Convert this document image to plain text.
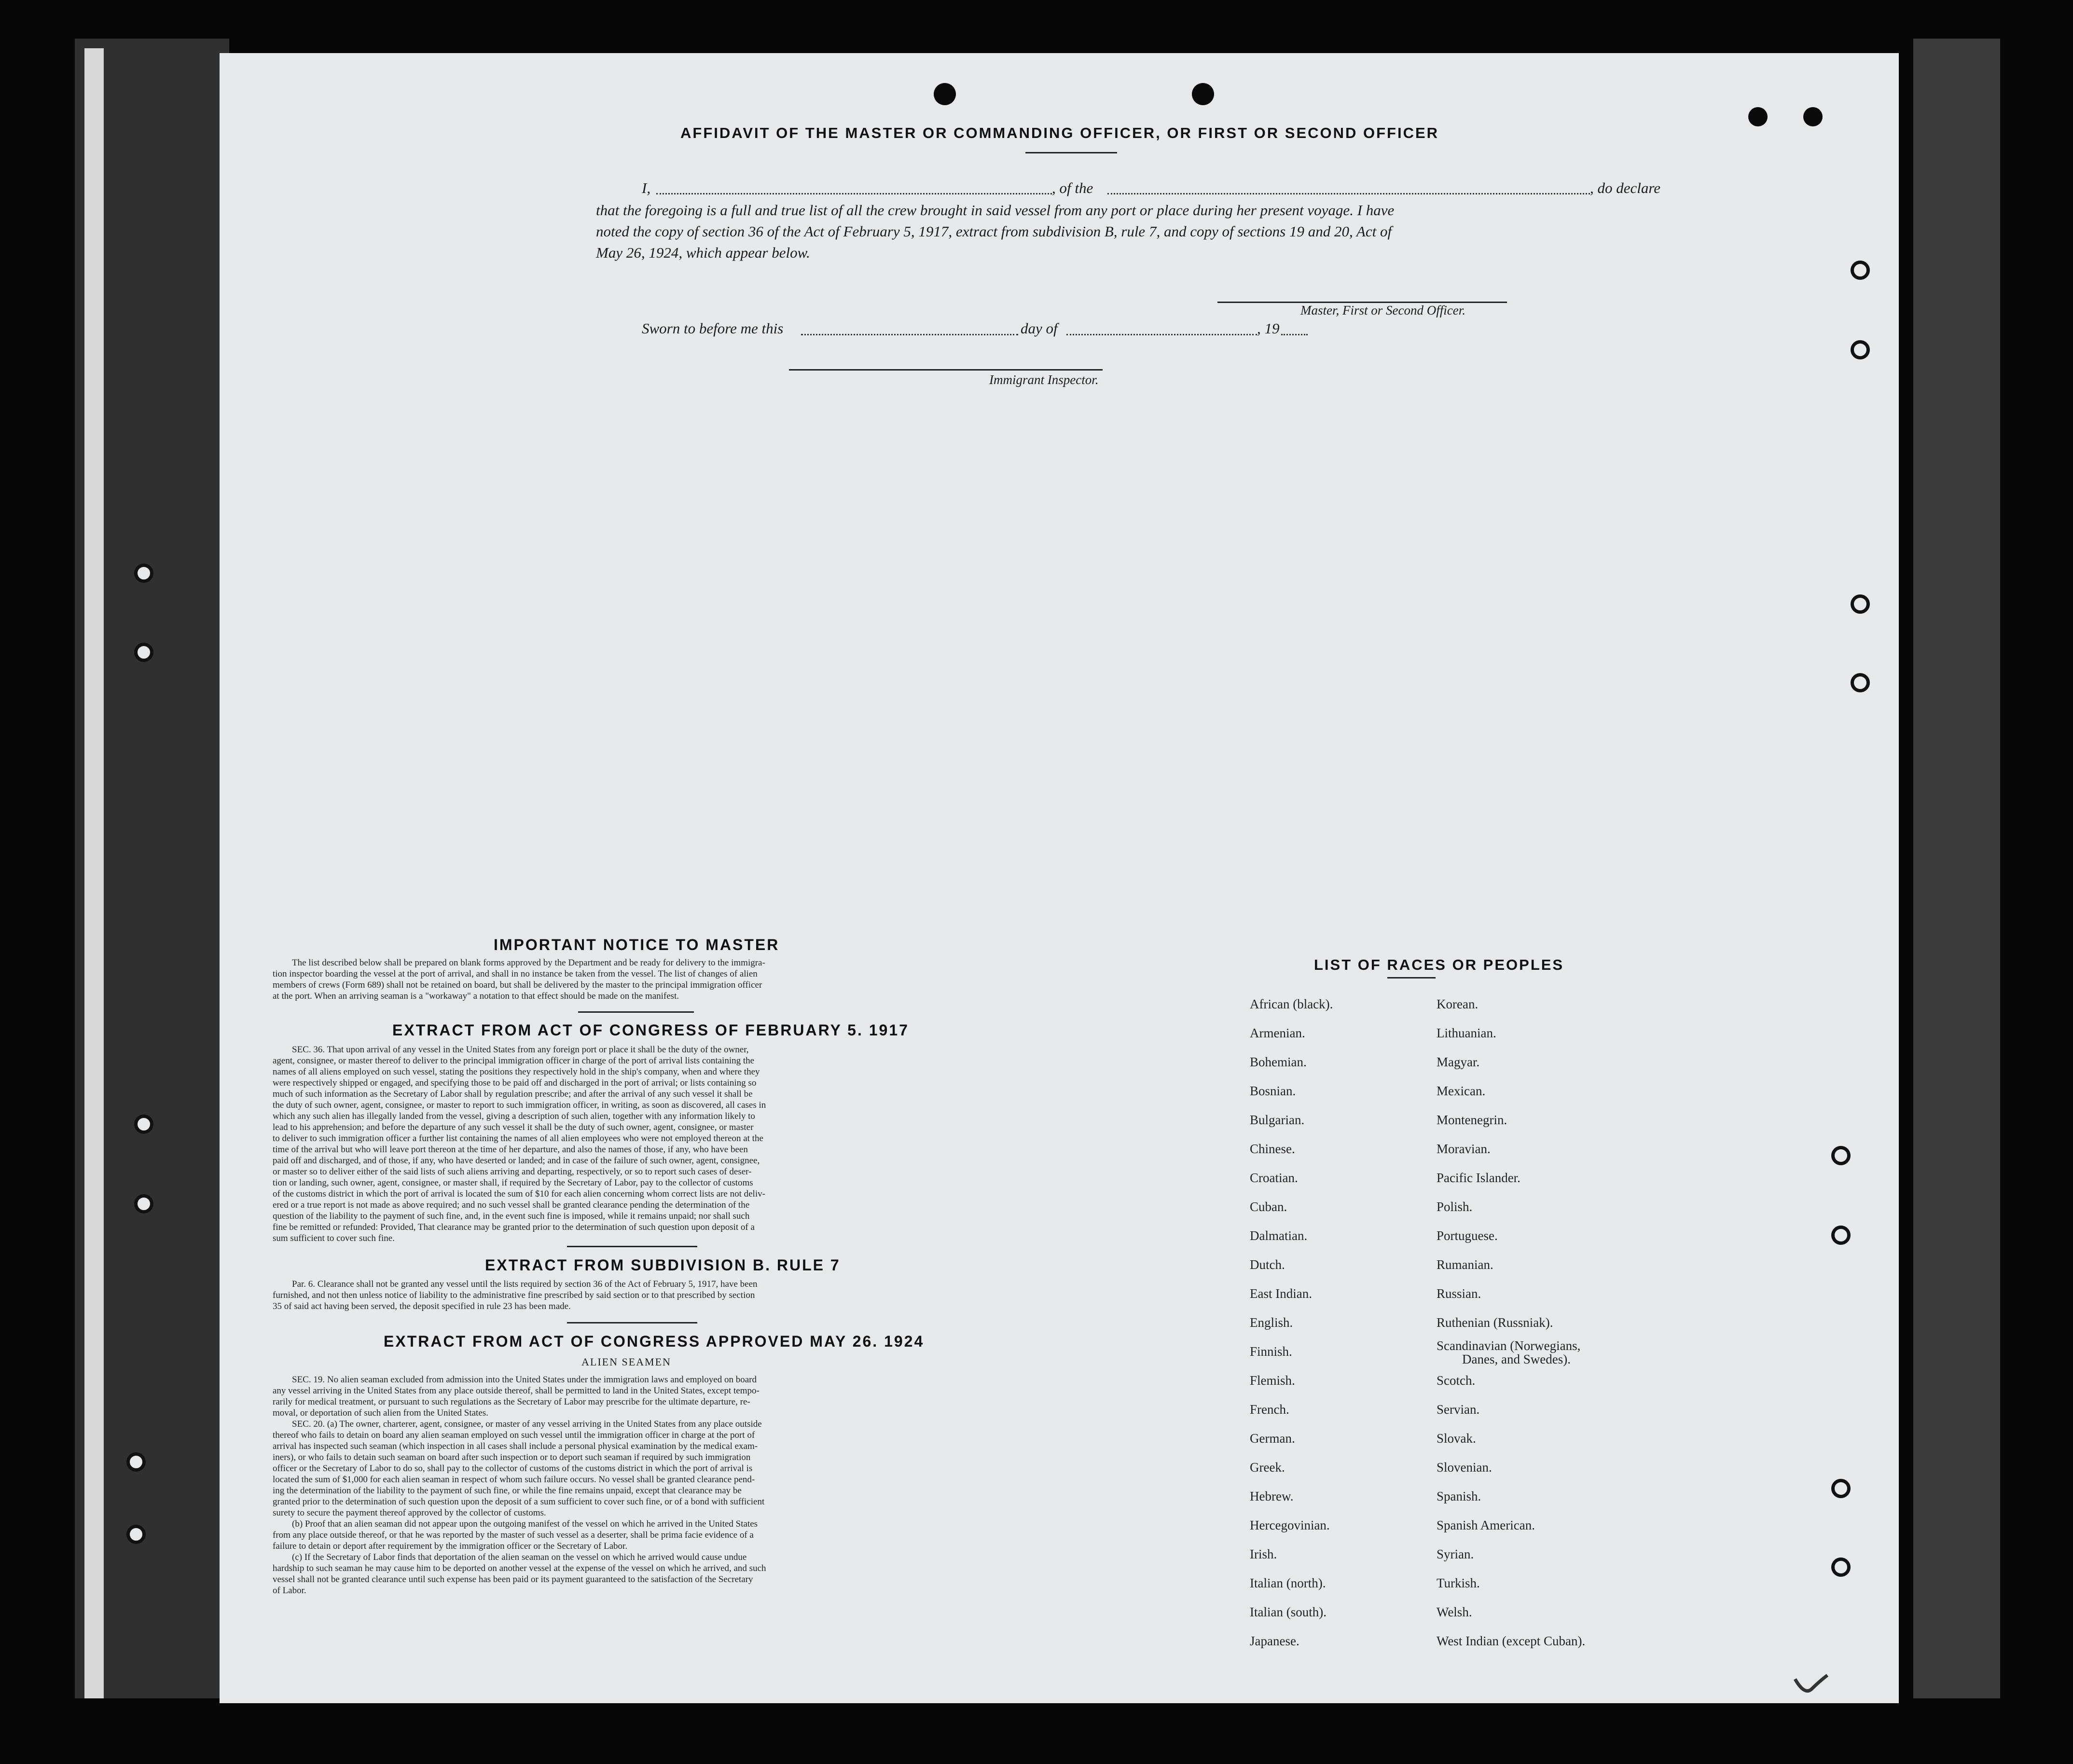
AFFIDAVIT OF THE MASTER OR COMMANDING OFFICER, OR FIRST OR SECOND OFFICER
I,	, of the	, do declare
that the foregoing is a full and true list of all the crew brought in said vessel from any port or place during her present voyage. I have
noted the copy of section 36 of the Act of February 5, 1917, extract from subdivision B, rule 7, and copy of sections 19 and 20, Act of
May 26, 1924, which appear below.
Master, First or Second Officer.
Sworn to before me this	day of	, 19
Immigrant Inspector.
IMPORTANT NOTICE TO MASTER
The list described below shall be prepared on blank forms approved by the Department and be ready for delivery to the immigra-
tion inspector boarding the vessel at the port of arrival, and shall in no instance be taken from the vessel. The list of changes of alien
members of crews (Form 689) shall not be retained on board, but shall be delivered by the master to the principal immigration officer
at the port. When an arriving seaman is a "workaway" a notation to that effect should be made on the manifest.
EXTRACT FROM ACT OF CONGRESS OF FEBRUARY 5. 1917
SEC. 36. That upon arrival of any vessel in the United States from any foreign port or place it shall be the duty of the owner,
agent, consignee, or master thereof to deliver to the principal immigration officer in charge of the port of arrival lists containing the
names of all aliens employed on such vessel, stating the positions they respectively hold in the ship's company, when and where they
were respectively shipped or engaged, and specifying those to be paid off and discharged in the port of arrival; or lists containing so
much of such information as the Secretary of Labor shall by regulation prescribe; and after the arrival of any such vessel it shall be
the duty of such owner, agent, consignee, or master to report to such immigration officer, in writing, as soon as discovered, all cases in
which any such alien has illegally landed from the vessel, giving a description of such alien, together with any information likely to
lead to his apprehension; and before the departure of any such vessel it shall be the duty of such owner, agent, consignee, or master
to deliver to such immigration officer a further list containing the names of all alien employees who were not employed thereon at the
time of the arrival but who will leave port thereon at the time of her departure, and also the names of those, if any, who have been
paid off and discharged, and of those, if any, who have deserted or landed; and in case of the failure of such owner, agent, consignee,
or master so to deliver either of the said lists of such aliens arriving and departing, respectively, or so to report such cases of deser-
tion or landing, such owner, agent, consignee, or master shall, if required by the Secretary of Labor, pay to the collector of customs
of the customs district in which the port of arrival is located the sum of $10 for each alien concerning whom correct lists are not deliv-
ered or a true report is not made as above required; and no such vessel shall be granted clearance pending the determination of the
question of the liability to the payment of such fine, and, in the event such fine is imposed, while it remains unpaid; nor shall such
fine be remitted or refunded: Provided, That clearance may be granted prior to the determination of such question upon deposit of a
sum sufficient to cover such fine.
EXTRACT FROM SUBDIVISION B. RULE 7
Par. 6. Clearance shall not be granted any vessel until the lists required by section 36 of the Act of February 5, 1917, have been
furnished, and not then unless notice of liability to the administrative fine prescribed by said section or to that prescribed by section
35 of said act having been served, the deposit specified in rule 23 has been made.
EXTRACT FROM ACT OF CONGRESS APPROVED MAY 26. 1924
ALIEN SEAMEN
SEC. 19. No alien seaman excluded from admission into the United States under the immigration laws and employed on board
any vessel arriving in the United States from any place outside thereof, shall be permitted to land in the United States, except tempo-
rarily for medical treatment, or pursuant to such regulations as the Secretary of Labor may prescribe for the ultimate departure, re-
moval, or deportation of such alien from the United States.
SEC. 20. (a) The owner, charterer, agent, consignee, or master of any vessel arriving in the United States from any place outside
thereof who fails to detain on board any alien seaman employed on such vessel until the immigration officer in charge at the port of
arrival has inspected such seaman (which inspection in all cases shall include a personal physical examination by the medical exam-
iners), or who fails to detain such seaman on board after such inspection or to deport such seaman if required by such immigration
officer or the Secretary of Labor to do so, shall pay to the collector of customs of the customs district in which the port of arrival is
located the sum of $1,000 for each alien seaman in respect of whom such failure occurs. No vessel shall be granted clearance pend-
ing the determination of the liability to the payment of such fine, or while the fine remains unpaid, except that clearance may be
granted prior to the determination of such question upon the deposit of a sum sufficient to cover such fine, or of a bond with sufficient
surety to secure the payment thereof approved by the collector of customs.
(b) Proof that an alien seaman did not appear upon the outgoing manifest of the vessel on which he arrived in the United States
from any place outside thereof, or that he was reported by the master of such vessel as a deserter, shall be prima facie evidence of a
failure to detain or deport after requirement by the immigration officer or the Secretary of Labor.
(c) If the Secretary of Labor finds that deportation of the alien seaman on the vessel on which he arrived would cause undue
hardship to such seaman he may cause him to be deported on another vessel at the expense of the vessel on which he arrived, and such
vessel shall not be granted clearance until such expense has been paid or its payment guaranteed to the satisfaction of the Secretary
of Labor.
LIST OF RACES OR PEOPLES
African (black).
Armenian.
Bohemian.
Bosnian.
Bulgarian.
Chinese.
Croatian.
Cuban.
Dalmatian.
Dutch.
East Indian.
English.
Finnish.
Flemish.
French.
German.
Greek.
Hebrew.
Hercegovinian.
Irish.
Italian (north).
Italian (south).
Japanese.
Korean.
Lithuanian.
Magyar.
Mexican.
Montenegrin.
Moravian.
Pacific Islander.
Polish.
Portuguese.
Rumanian.
Russian.
Ruthenian (Russniak).
Scandinavian (Norwegians,
Danes, and Swedes).
Scotch.
Servian.
Slovak.
Slovenian.
Spanish.
Spanish American.
Syrian.
Turkish.
Welsh.
West Indian (except Cuban).
